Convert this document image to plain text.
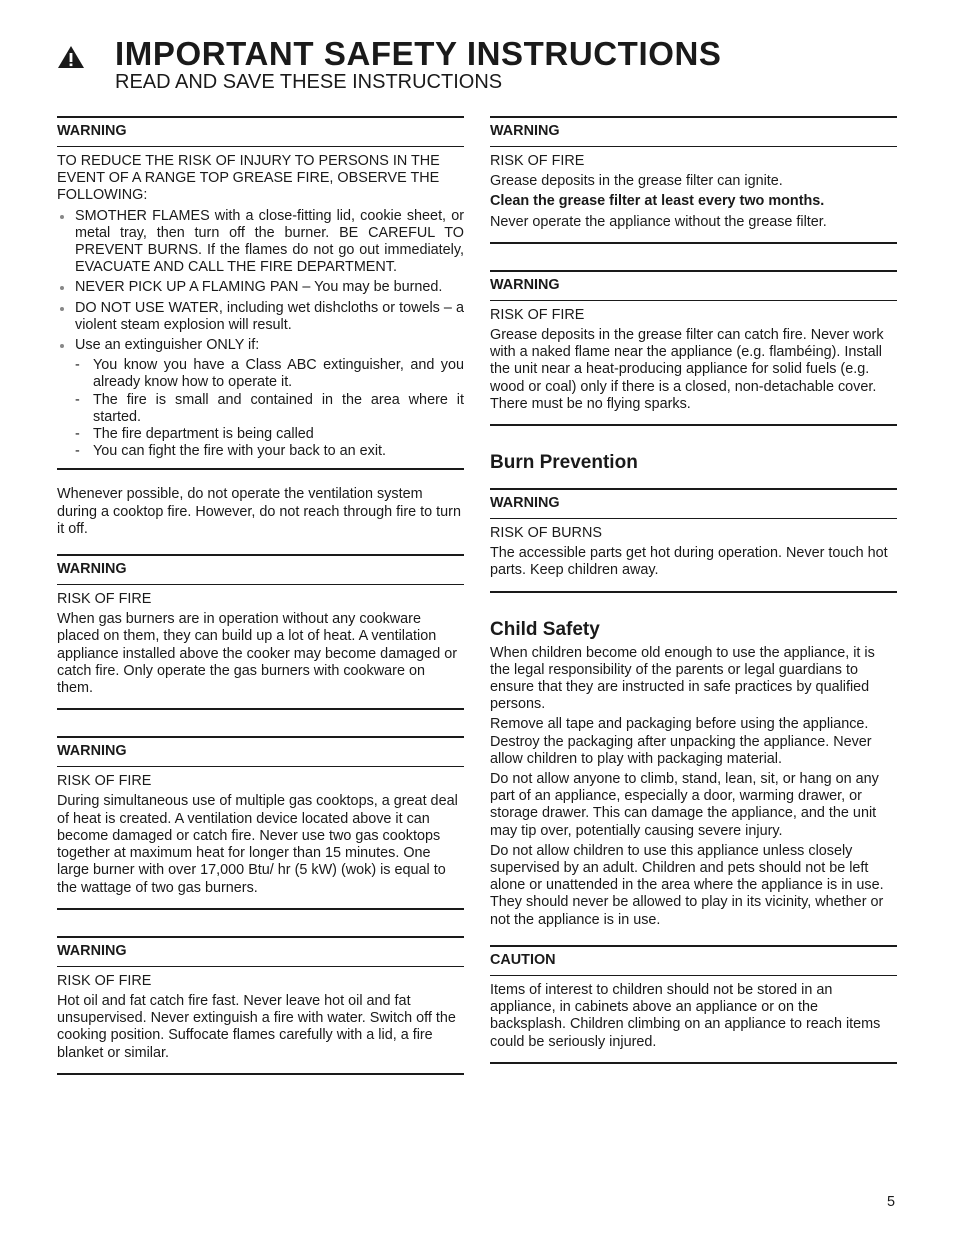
IMPORTANT SAFETY INSTRUCTIONS
READ AND SAVE THESE INSTRUCTIONS
WARNING

TO REDUCE THE RISK OF INJURY TO PERSONS IN THE EVENT OF A RANGE TOP GREASE FIRE, OBSERVE THE FOLLOWING:

SMOTHER FLAMES with a close-fitting lid, cookie sheet, or metal tray, then turn off the burner. BE CAREFUL TO PREVENT BURNS. If the flames do not go out immediately, EVACUATE AND CALL THE FIRE DEPARTMENT.
NEVER PICK UP A FLAMING PAN – You may be burned.
DO NOT USE WATER, including wet dishcloths or towels – a violent steam explosion will result.
Use an extinguisher ONLY if:
- You know you have a Class ABC extinguisher, and you already know how to operate it.
- The fire is small and contained in the area where it started.
- The fire department is being called
- You can fight the fire with your back to an exit.

Whenever possible, do not operate the ventilation system during a cooktop fire. However, do not reach through fire to turn it off.

WARNING

RISK OF FIRE

When gas burners are in operation without any cookware placed on them, they can build up a lot of heat. A ventilation appliance installed above the cooker may become damaged or catch fire. Only operate the gas burners with cookware on them.

WARNING

RISK OF FIRE

During simultaneous use of multiple gas cooktops, a great deal of heat is created. A ventilation device located above it can become damaged or catch fire. Never use two gas cooktops together at maximum heat for longer than 15 minutes. One large burner with over 17,000 Btu/ hr (5 kW) (wok) is equal to the wattage of two gas burners.

WARNING

RISK OF FIRE

Hot oil and fat catch fire fast. Never leave hot oil and fat unsupervised. Never extinguish a fire with water. Switch off the cooking position. Suffocate flames carefully with a lid, a fire blanket or similar.

WARNING

RISK OF FIRE

Grease deposits in the grease filter can ignite.

Clean the grease filter at least every two months.

Never operate the appliance without the grease filter.

WARNING

RISK OF FIRE

Grease deposits in the grease filter can catch fire. Never work with a naked flame near the appliance (e.g. flambéing). Install the unit near a heat-producing appliance for solid fuels (e.g. wood or coal) only if there is a closed, non-detachable cover. There must be no flying sparks.

Burn Prevention
WARNING

RISK OF BURNS

The accessible parts get hot during operation. Never touch hot parts. Keep children away.

Child Safety

When children become old enough to use the appliance, it is the legal responsibility of the parents or legal guardians to ensure that they are instructed in safe practices by qualified persons.

Remove all tape and packaging before using the appliance. Destroy the packaging after unpacking the appliance. Never allow children to play with packaging material.

Do not allow anyone to climb, stand, lean, sit, or hang on any part of an appliance, especially a door, warming drawer, or storage drawer. This can damage the appliance, and the unit may tip over, potentially causing severe injury.

Do not allow children to use this appliance unless closely supervised by an adult. Children and pets should not be left alone or unattended in the area where the appliance is in use. They should never be allowed to play in its vicinity, whether or not the appliance is in use.

CAUTION

Items of interest to children should not be stored in an appliance, in cabinets above an appliance or on the backsplash. Children climbing on an appliance to reach items could be seriously injured.

5
